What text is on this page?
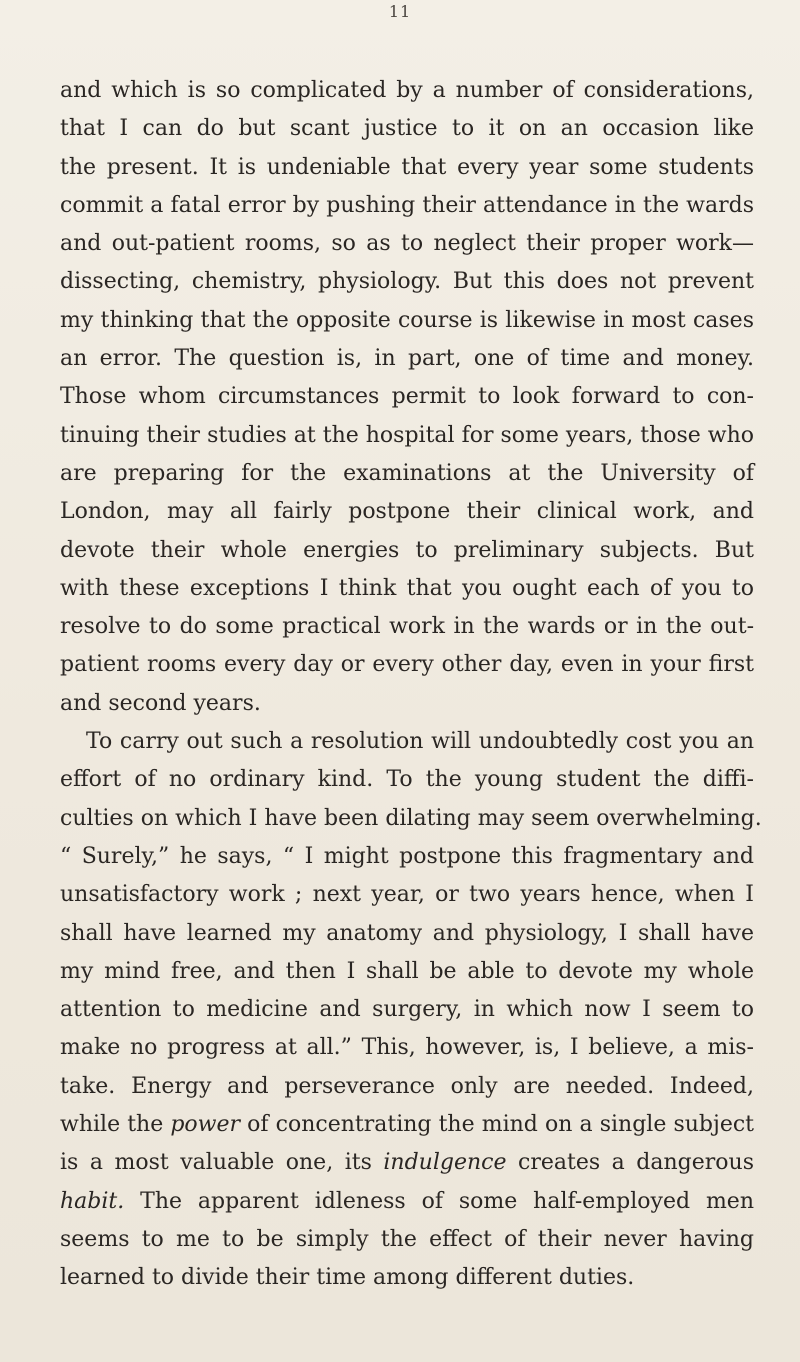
11
and which is so complicated by a number of considerations,
that I can do but scant justice to it on an occasion like
the present. It is undeniable that every year some students
commit a fatal error by pushing their attendance in the wards
and out-patient rooms, so as to neglect their proper work—
dissecting, chemistry, physiology. But this does not prevent
my thinking that the opposite course is likewise in most cases
an error. The question is, in part, one of time and money.
Those whom circumstances permit to look forward to con-
tinuing their studies at the hospital for some years, those who
are preparing for the examinations at the University of
London, may all fairly postpone their clinical work, and
devote their whole energies to preliminary subjects. But
with these exceptions I think that you ought each of you to
resolve to do some practical work in the wards or in the out-
patient rooms every day or every other day, even in your first
and second years.
To carry out such a resolution will undoubtedly cost you an
effort of no ordinary kind. To the young student the diffi-
culties on which I have been dilating may seem overwhelming.
“ Surely,” he says, “ I might postpone this fragmentary and
unsatisfactory work ; next year, or two years hence, when I
shall have learned my anatomy and physiology, I shall have
my mind free, and then I shall be able to devote my whole
attention to medicine and surgery, in which now I seem to
make no progress at all.” This, however, is, I believe, a mis-
take. Energy and perseverance only are needed. Indeed,
while the power of concentrating the mind on a single subject
is a most valuable one, its indulgence creates a dangerous
habit. The apparent idleness of some half-employed men
seems to me to be simply the effect of their never having
learned to divide their time among different duties.
